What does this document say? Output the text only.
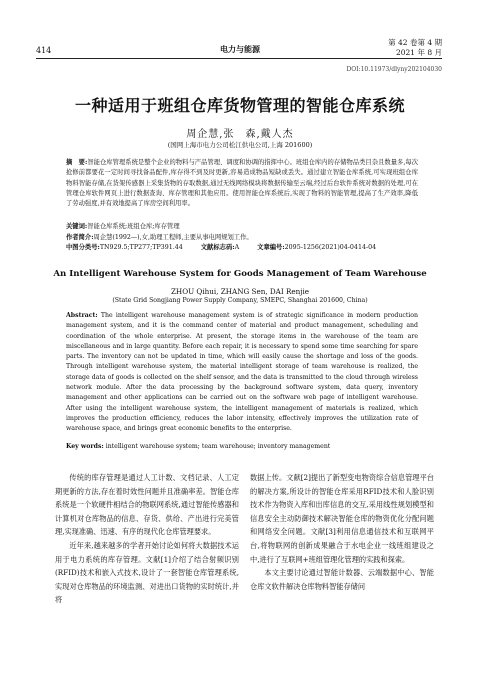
414	电力与能源
第 42 卷第 4 期
2021 年 8 月
DOI:10.11973/dlyny202104030
一种适用于班组仓库货物管理的智能仓库系统
周企慧,张　森,戴人杰
(国网上海市电力公司松江供电公司,上海 201600)
摘　要:智能仓库管理系统是整个企业的物料与产品管理、调度和协调的指挥中心。班组仓库内的存储物品类目杂且数量多,每次抢修前都要花一定时间寻找备品配件,库存得不到及时更新,容易造成物品短缺或丢失。通过建立智能仓库系统,可实现班组仓库物料智能存储,在货架传感器上采集货物的存取数据,通过无线网络模块将数据传输至云端,经过后台软件系统对数据的处理,可在管理仓库软件网页上进行数据查询、库存管理和其他应用。使用智能仓库系统后,实现了物料的智能管理,提高了生产效率,降低了劳动强度,并有效地提高了库房空间利用率。
关键词:智能仓库系统;班组仓库;库存管理
作者简介:周企慧(1992—),女,助理工程师,主要从事电网规划工作。
中图分类号:TN929.5;TP277;TP391.44	文献标志码:A	文章编号:2095-1256(2021)04-0414-04
An Intelligent Warehouse System for Goods Management of Team Warehouse
ZHOU Qihui, ZHANG Sen, DAI Renjie
(State Grid Songjiang Power Supply Company, SMEPC, Shanghai 201600, China)
Abstract: The intelligent warehouse management system is of strategic significance in modern production management system, and it is the command center of material and product management, scheduling and coordination of the whole enterprise. At present, the storage items in the warehouse of the team are miscellaneous and in large quantity. Before each repair, it is necessary to spend some time searching for spare parts. The inventory can not be updated in time, which will easily cause the shortage and loss of the goods. Through intelligent warehouse system, the material intelligent storage of team warehouse is realized, the storage data of goods is collected on the shelf sensor, and the data is transmitted to the cloud through wireless network module. After the data processing by the background software system, data query, inventory management and other applications can be carried out on the software web page of intelligent warehouse. After using the intelligent warehouse system, the intelligent management of materials is realized, which improves the production efficiency, reduces the labor intensity, effectively improves the utilization rate of warehouse space, and brings great economic benefits to the enterprise.
Key words: intelligent warehouse system; team warehouse; inventory management

传统的库存管理是通过人工计数、文档记录、人工定期更新的方法,存在着时效性问题并且准确率差。智能仓库系统是一个软硬件相结合的物联网系统,通过智能传感器和计算机对仓库物品的信息、存货、供给、产出进行完美管理,实现准确、迅速、有序的现代化仓库管理要求。

近年来,越来越多的学者开始讨论如何将大数据技术运用于电力系统的库存管理。文献[1]介绍了结合射频识别(RFID)技术和嵌入式技术,设计了一套智能仓库管理系统,实现对仓库物品的环境监测、对进出口货物的实时统计,并将

数据上传。文献[2]提出了新型变电物资综合信息管理平台的解决方案,所设计的智能仓库采用RFID技术和人脸识别技术作为物资入库和出库信息的交互,采用线性规划模型和信息安全主动防御技术解决智能仓库的物资优化分配问题和网络安全问题。文献[3]利用信息通信技术和互联网平台,将物联网的创新成果融合于水电企业一线班组建设之中,进行了互联网+班组管理化管理的实践和探索。

本文主要讨论通过智能计数器、云端数据中心、智能仓库文软件解决仓库物料智能存储问
